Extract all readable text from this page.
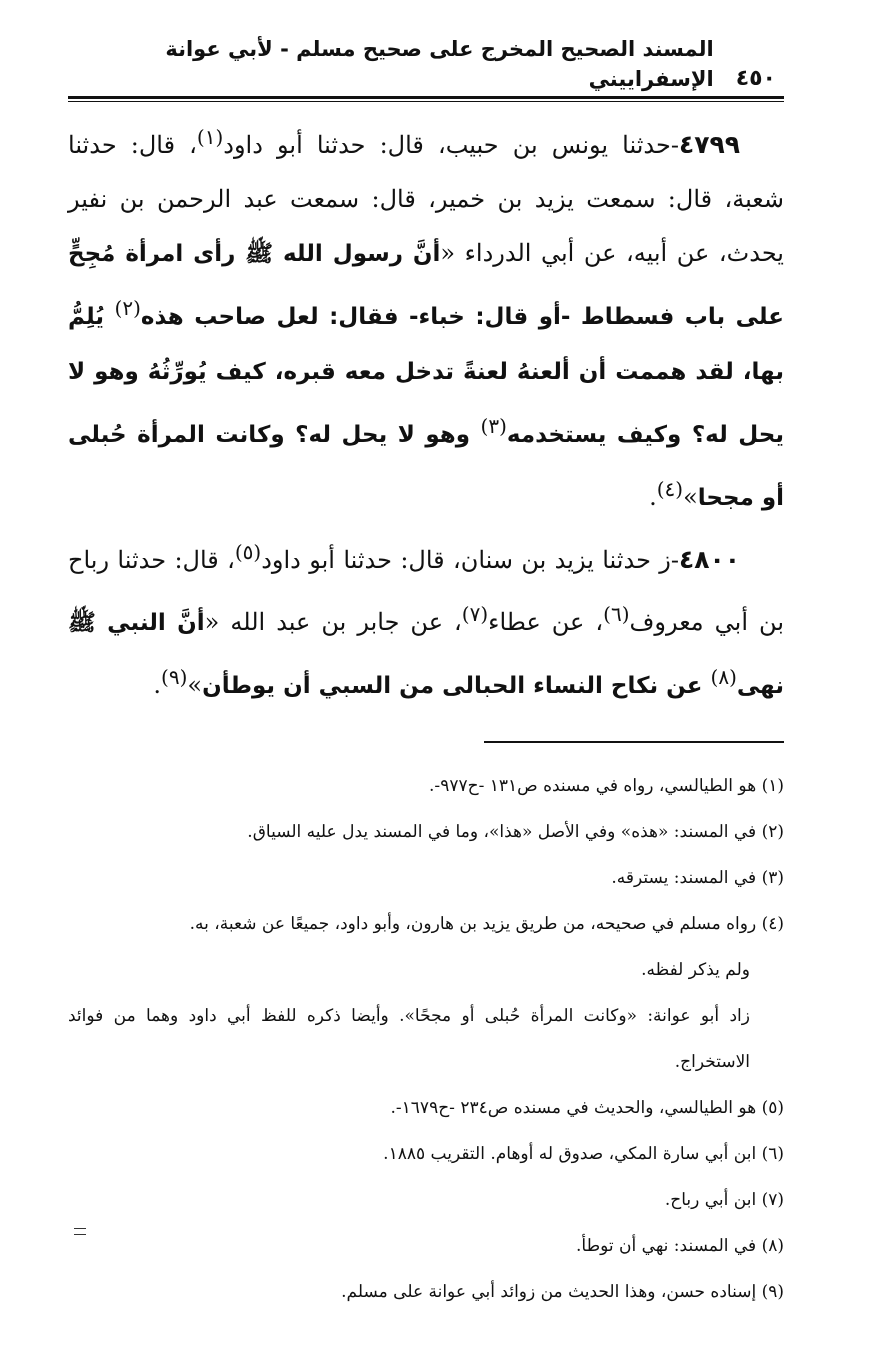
٤٥٠
المسند الصحيح المخرج على صحيح مسلم - لأبي عوانة الإسفراييني

٤٧٩٩-حدثنا يونس بن حبيب، قال: حدثنا أبو داود$^{(١)}$، قال: حدثنا شعبة، قال: سمعت يزيد بن خمير، قال: سمعت عبد الرحمن بن نفير يحدث، عن أبيه، عن أبي الدرداء «أنَّ رسول الله ﷺ رأى امرأة مُجِحٍّ على باب فسطاط -أو قال: خباء- فقال: لعل صاحب هذه$^{(٢)}$ يُلِمُّ بها، لقد هممت أن ألعنهُ لعنةً تدخل معه قبره، كيف يُورِّثُهُ وهو لا يحل له؟ وكيف يستخدمه$^{(٣)}$ وهو لا يحل له؟ وكانت المرأة حُبلى أو مجحا»$^{(٤)}$.

٤٨٠٠-ز حدثنا يزيد بن سنان، قال: حدثنا أبو داود$^{(٥)}$، قال: حدثنا رباح بن أبي معروف$^{(٦)}$، عن عطاء$^{(٧)}$، عن جابر بن عبد الله «أنَّ النبي ﷺ نهى$^{(٨)}$ عن نكاح النساء الحبالى من السبي أن يوطأن»$^{(٩)}$.

(١) هو الطيالسي، رواه في مسنده ص١٣١ -ح٩٧٧-.

(٢) في المسند: «هذه» وفي الأصل «هذا»، وما في المسند يدل عليه السياق.

(٣) في المسند: يسترقه.

(٤) رواه مسلم في صحيحه، من طريق يزيد بن هارون، وأبو داود، جميعًا عن شعبة، به.

ولم يذكر لفظه.

زاد أبو عوانة: «وكانت المرأة حُبلى أو مجحًا». وأيضا ذكره للفظ أبي داود وهما من فوائد الاستخراج.

(٥) هو الطيالسي، والحديث في مسنده ص٢٣٤ -ح١٦٧٩-.

(٦) ابن أبي سارة المكي، صدوق له أوهام. التقريب ١٨٨٥.

(٧) ابن أبي رباح.

(٨) في المسند: نهي أن توطأ.

(٩) إسناده حسن، وهذا الحديث من زوائد أبي عوانة على مسلم.
